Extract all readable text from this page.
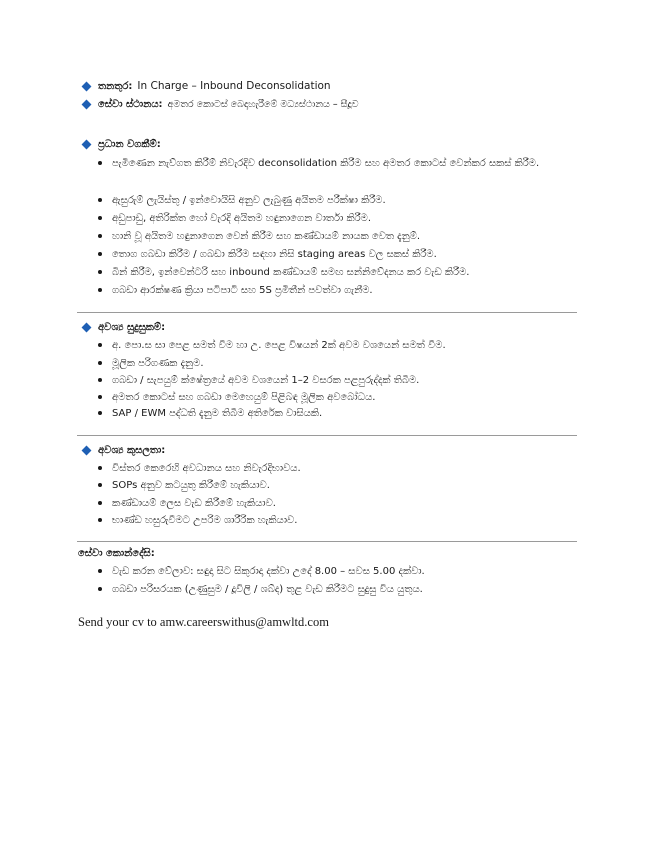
තනතුර: In Charge – Inbound Deconsolidation
සේවා ස්ථානය: අමතර කොටස් බෙදාහැරීමේ මධ්‍යස්ථානය – සීදූව
ප්‍රධාන වගකීම්:
පැමිණෙන නැව්ගත කිරීම් නිවැරදිව deconsolidation කිරීම සහ අමතර කොටස් වෙන්කර සකස් කිරීම.
ඇසුරුම් ලැයිස්තු / ඉන්වොයිසි අනුව ලැබුණු අයිතම පරීක්ෂා කිරීම.
අඩුපාඩු, අතිරික්ත හෝ වැරදි අයිතම හඳුනාගෙන වාර්තා කිරීම.
හානි වූ අයිතම හඳුනාගෙන වෙන් කිරීම සහ කණ්ඩායම් නායක වෙත දැනුම්.
තොග ගබඩා කිරීම / ගබඩා කිරීම සඳහා නිසි staging areas වල සකස් කිරීම.
බින් කිරීම, ඉන්වෙන්ටරි සහ inbound කණ්ඩායම් සමඟ සන්නිවේදනය කර වැඩ කිරීම.
ගබඩා ආරක්ෂණ ක්‍රියා පටිපාටි සහ 5S ප්‍රමිතීන් පවත්වා ගැනීම.
අවශ්‍ය සුදුසුකම්:
අ. පො.ස සා පෙළ සමත් වීම හා උ. පෙළ විෂයන් 2ක් අවම වශයෙන් සමත් වීම.
මූලික පරිගණක දැනුම.
ගබඩා / සැපයුම් ක්ෂේත්‍රයේ අවම වශයෙන් 1–2 වසරක පළපුරුද්දක් තිබීම.
අමතර කොටස් සහ ගබඩා මෙහෙයුම් පිළිබඳ මූලික අවබෝධය.
SAP / EWM පද්ධති දැනුම තිබීම අතිරේක වාසියකි.
අවශ්‍ය කුසලතා:
විස්තර කෙරෙහි අවධානය සහ නිවැරදිභාවය.
SOPs අනුව කටයුතු කිරීමේ හැකියාව.
කණ්ඩායම් ලෙස වැඩ කිරීමේ හැකියාව.
භාණ්ඩ හසුරුවීමට උපරිම ශාරීරික හැකියාව.
සේවා කොන්දේසි:
වැඩ කරන වේලාව: සඳුදා සිට සිකුරාදා දක්වා උදේ 8.00 – සවස 5.00 දක්වා.
ගබඩා පරිසරයක (උණුසුම / දූවිලි / ශබ්ද) තුළ වැඩ කිරීමට සුදුසු විය යුතුය.
Send your cv to amw.careerswithus@amwltd.com
